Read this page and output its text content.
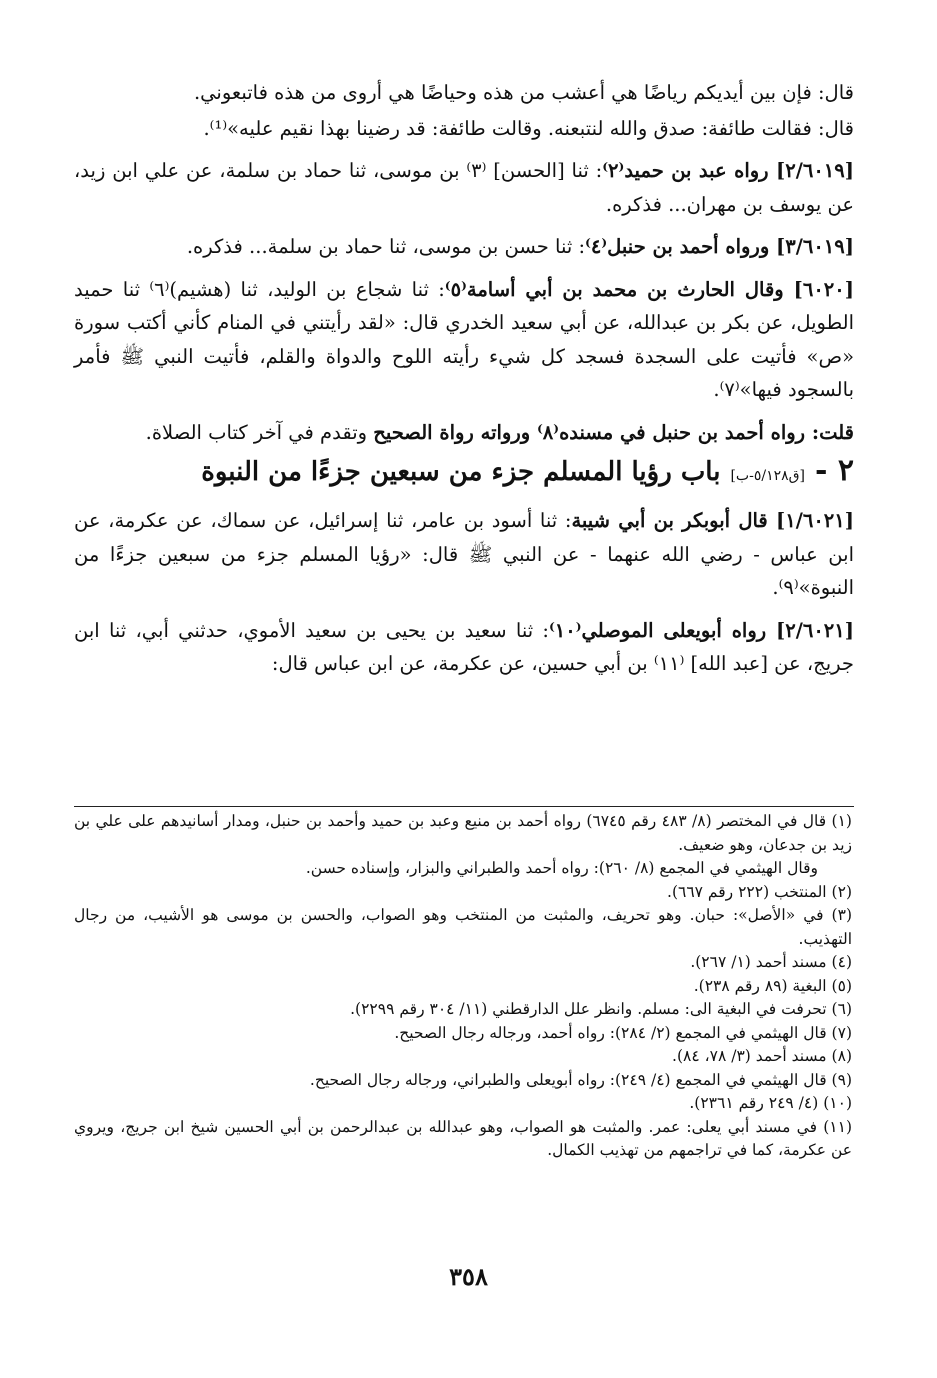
قال: فإن بين أيديكم رياضًا هي أعشب من هذه وحياضًا هي أروى من هذه فاتبعوني.

قال: فقالت طائفة: صدق والله لنتبعنه. وقالت طائفة: قد رضينا بهذا نقيم عليه»⁽¹⁾.

[٢/٦٠١٩] رواه عبد بن حميد⁽٢⁾: ثنا [الحسن] ⁽٣⁾ بن موسى، ثنا حماد بن سلمة، عن علي ابن زيد، عن يوسف بن مهران... فذكره.

[٣/٦٠١٩] ورواه أحمد بن حنبل⁽٤⁾: ثنا حسن بن موسى، ثنا حماد بن سلمة... فذكره.

[٦٠٢٠] وقال الحارث بن محمد بن أبي أسامة⁽٥⁾: ثنا شجاع بن الوليد، ثنا (هشيم)⁽٦⁾ ثنا حميد الطويل، عن بكر بن عبدالله، عن أبي سعيد الخدري قال: «لقد رأيتني في المنام كأني أكتب سورة «ص» فأتيت على السجدة فسجد كل شيء رأيته اللوح والدواة والقلم، فأتيت النبي ﷺ فأمر بالسجود فيها»⁽٧⁾.

قلت: رواه أحمد بن حنبل في مسنده⁽٨⁾ ورواته رواة الصحيح وتقدم في آخر كتاب الصلاة.

٢ -[ق٥/١٢٨-ب]باب رؤيا المسلم جزء من سبعين جزءًا من النبوة

[١/٦٠٢١] قال أبوبكر بن أبي شيبة: ثنا أسود بن عامر، ثنا إسرائيل، عن سماك، عن عكرمة، عن ابن عباس - رضي الله عنهما - عن النبي ﷺ قال: «رؤيا المسلم جزء من سبعين جزءًا من النبوة»⁽٩⁾.

[٢/٦٠٢١] رواه أبويعلى الموصلي⁽١٠⁾: ثنا سعيد بن يحيى بن سعيد الأموي، حدثني أبي، ثنا ابن جريج، عن [عبد الله] ⁽١١⁾ بن أبي حسين، عن عكرمة، عن ابن عباس قال:

(١) قال في المختصر (٨/ ٤٨٣ رقم ٦٧٤٥) رواه أحمد بن منيع وعبد بن حميد وأحمد بن حنبل، ومدار أسانيدهم على علي بن زيد بن جدعان، وهو ضعيف.
وقال الهيثمي في المجمع (٨/ ٢٦٠): رواه أحمد والطبراني والبزار، وإسناده حسن.

(٢) المنتخب (٢٢٢ رقم ٦٦٧).

(٣) في «الأصل»: حبان. وهو تحريف، والمثبت من المنتخب وهو الصواب، والحسن بن موسى هو الأشيب، من رجال التهذيب.

(٤) مسند أحمد (١/ ٢٦٧).

(٥) البغية (٨٩ رقم ٢٣٨).

(٦) تحرفت في البغية الى: مسلم. وانظر علل الدارقطني (١١/ ٣٠٤ رقم ٢٢٩٩).

(٧) قال الهيثمي في المجمع (٢/ ٢٨٤): رواه أحمد، ورجاله رجال الصحيح.

(٨) مسند أحمد (٣/ ٧٨، ٨٤).

(٩) قال الهيثمي في المجمع (٤/ ٢٤٩): رواه أبويعلى والطبراني، ورجاله رجال الصحيح.

(١٠) (٤/ ٢٤٩ رقم ٢٣٦١).

(١١) في مسند أبي يعلى: عمر. والمثبت هو الصواب، وهو عبدالله بن عبدالرحمن بن أبي الحسين شيخ ابن جريج، ويروي عن عكرمة، كما في تراجمهم من تهذيب الكمال.

٣٥٨
